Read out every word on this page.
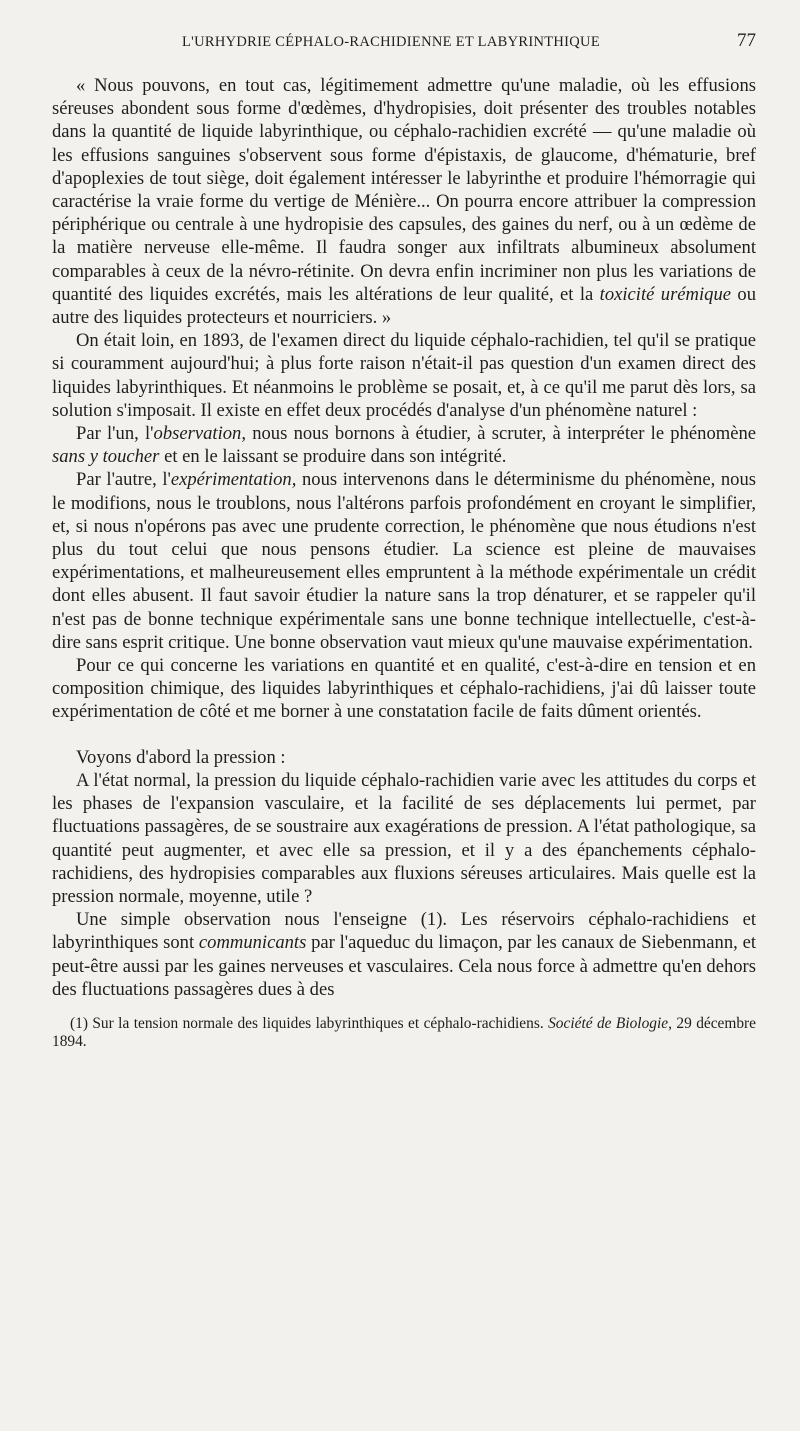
L'URHYDRIE CÉPHALO-RACHIDIENNE ET LABYRINTHIQUE	77

« Nous pouvons, en tout cas, légitimement admettre qu'une maladie, où les effusions séreuses abondent sous forme d'œdèmes, d'hydropisies, doit présenter des troubles notables dans la quantité de liquide labyrinthique, ou céphalo-rachidien excrété — qu'une maladie où les effusions sanguines s'observent sous forme d'épistaxis, de glaucome, d'hématurie, bref d'apoplexies de tout siège, doit également intéresser le labyrinthe et produire l'hémorragie qui caractérise la vraie forme du vertige de Ménière... On pourra encore attribuer la compression périphérique ou centrale à une hydropisie des capsules, des gaines du nerf, ou à un œdème de la matière nerveuse elle-même. Il faudra songer aux infiltrats albumineux absolument comparables à ceux de la névro-rétinite. On devra enfin incriminer non plus les variations de quantité des liquides excrétés, mais les altérations de leur qualité, et la toxicité urémique ou autre des liquides protecteurs et nourriciers. »

On était loin, en 1893, de l'examen direct du liquide céphalo-rachidien, tel qu'il se pratique si couramment aujourd'hui; à plus forte raison n'était-il pas question d'un examen direct des liquides labyrinthiques. Et néanmoins le problème se posait, et, à ce qu'il me parut dès lors, sa solution s'imposait. Il existe en effet deux procédés d'analyse d'un phénomène naturel :

Par l'un, l'observation, nous nous bornons à étudier, à scruter, à interpréter le phénomène sans y toucher et en le laissant se produire dans son intégrité.

Par l'autre, l'expérimentation, nous intervenons dans le déterminisme du phénomène, nous le modifions, nous le troublons, nous l'altérons parfois profondément en croyant le simplifier, et, si nous n'opérons pas avec une prudente correction, le phénomène que nous étudions n'est plus du tout celui que nous pensons étudier. La science est pleine de mauvaises expérimentations, et malheureusement elles empruntent à la méthode expérimentale un crédit dont elles abusent. Il faut savoir étudier la nature sans la trop dénaturer, et se rappeler qu'il n'est pas de bonne technique expérimentale sans une bonne technique intellectuelle, c'est-à-dire sans esprit critique. Une bonne observation vaut mieux qu'une mauvaise expérimentation.

Pour ce qui concerne les variations en quantité et en qualité, c'est-à-dire en tension et en composition chimique, des liquides labyrinthiques et céphalo-rachidiens, j'ai dû laisser toute expérimentation de côté et me borner à une constatation facile de faits dûment orientés.

Voyons d'abord la pression :

A l'état normal, la pression du liquide céphalo-rachidien varie avec les attitudes du corps et les phases de l'expansion vasculaire, et la facilité de ses déplacements lui permet, par fluctuations passagères, de se soustraire aux exagérations de pression. A l'état pathologique, sa quantité peut augmenter, et avec elle sa pression, et il y a des épanchements céphalo-rachidiens, des hydropisies comparables aux fluxions séreuses articulaires. Mais quelle est la pression normale, moyenne, utile ?

Une simple observation nous l'enseigne (1). Les réservoirs céphalo-rachidiens et labyrinthiques sont communicants par l'aqueduc du limaçon, par les canaux de Siebenmann, et peut-être aussi par les gaines nerveuses et vasculaires. Cela nous force à admettre qu'en dehors des fluctuations passagères dues à des

(1) Sur la tension normale des liquides labyrinthiques et céphalo-rachidiens. Société de Biologie, 29 décembre 1894.
